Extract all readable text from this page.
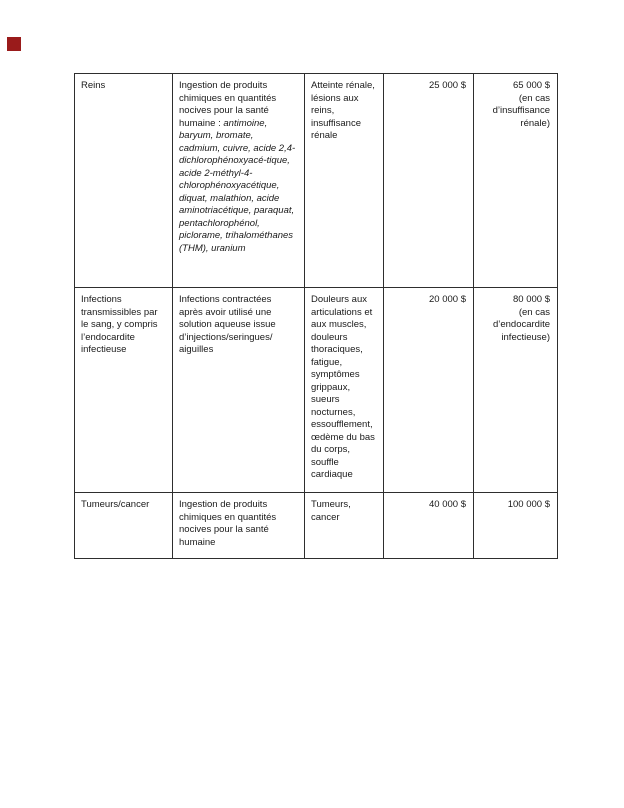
Reins	Ingestion de produits chimiques en quantités nocives pour la santé humaine : antimoine, baryum, bromate, cadmium, cuivre, acide 2,4-dichlorophénoxyacé-tique, acide 2-méthyl-4-chlorophénoxyacétique, diquat, malathion, acide aminotriacétique, paraquat, pentachlorophénol, piclorame, trihalométhanes (THM), uranium	Atteinte rénale, lésions aux reins, insuffisance rénale	25 000 $	65 000 $
(en cas d’insuffisance rénale)

Infections transmissibles par le sang, y compris l’endocardite infectieuse	Infections contractées après avoir utilisé une solution aqueuse issue d’injections/seringues/ aiguilles	Douleurs aux articulations et aux muscles, douleurs thoraciques, fatigue, symptômes grippaux, sueurs nocturnes, essoufflement, œdème du bas du corps, souffle cardiaque	20 000 $	80 000 $
(en cas d’endocardite infectieuse)

Tumeurs/cancer	Ingestion de produits chimiques en quantités nocives pour la santé humaine	Tumeurs, cancer	40 000 $	100 000 $
